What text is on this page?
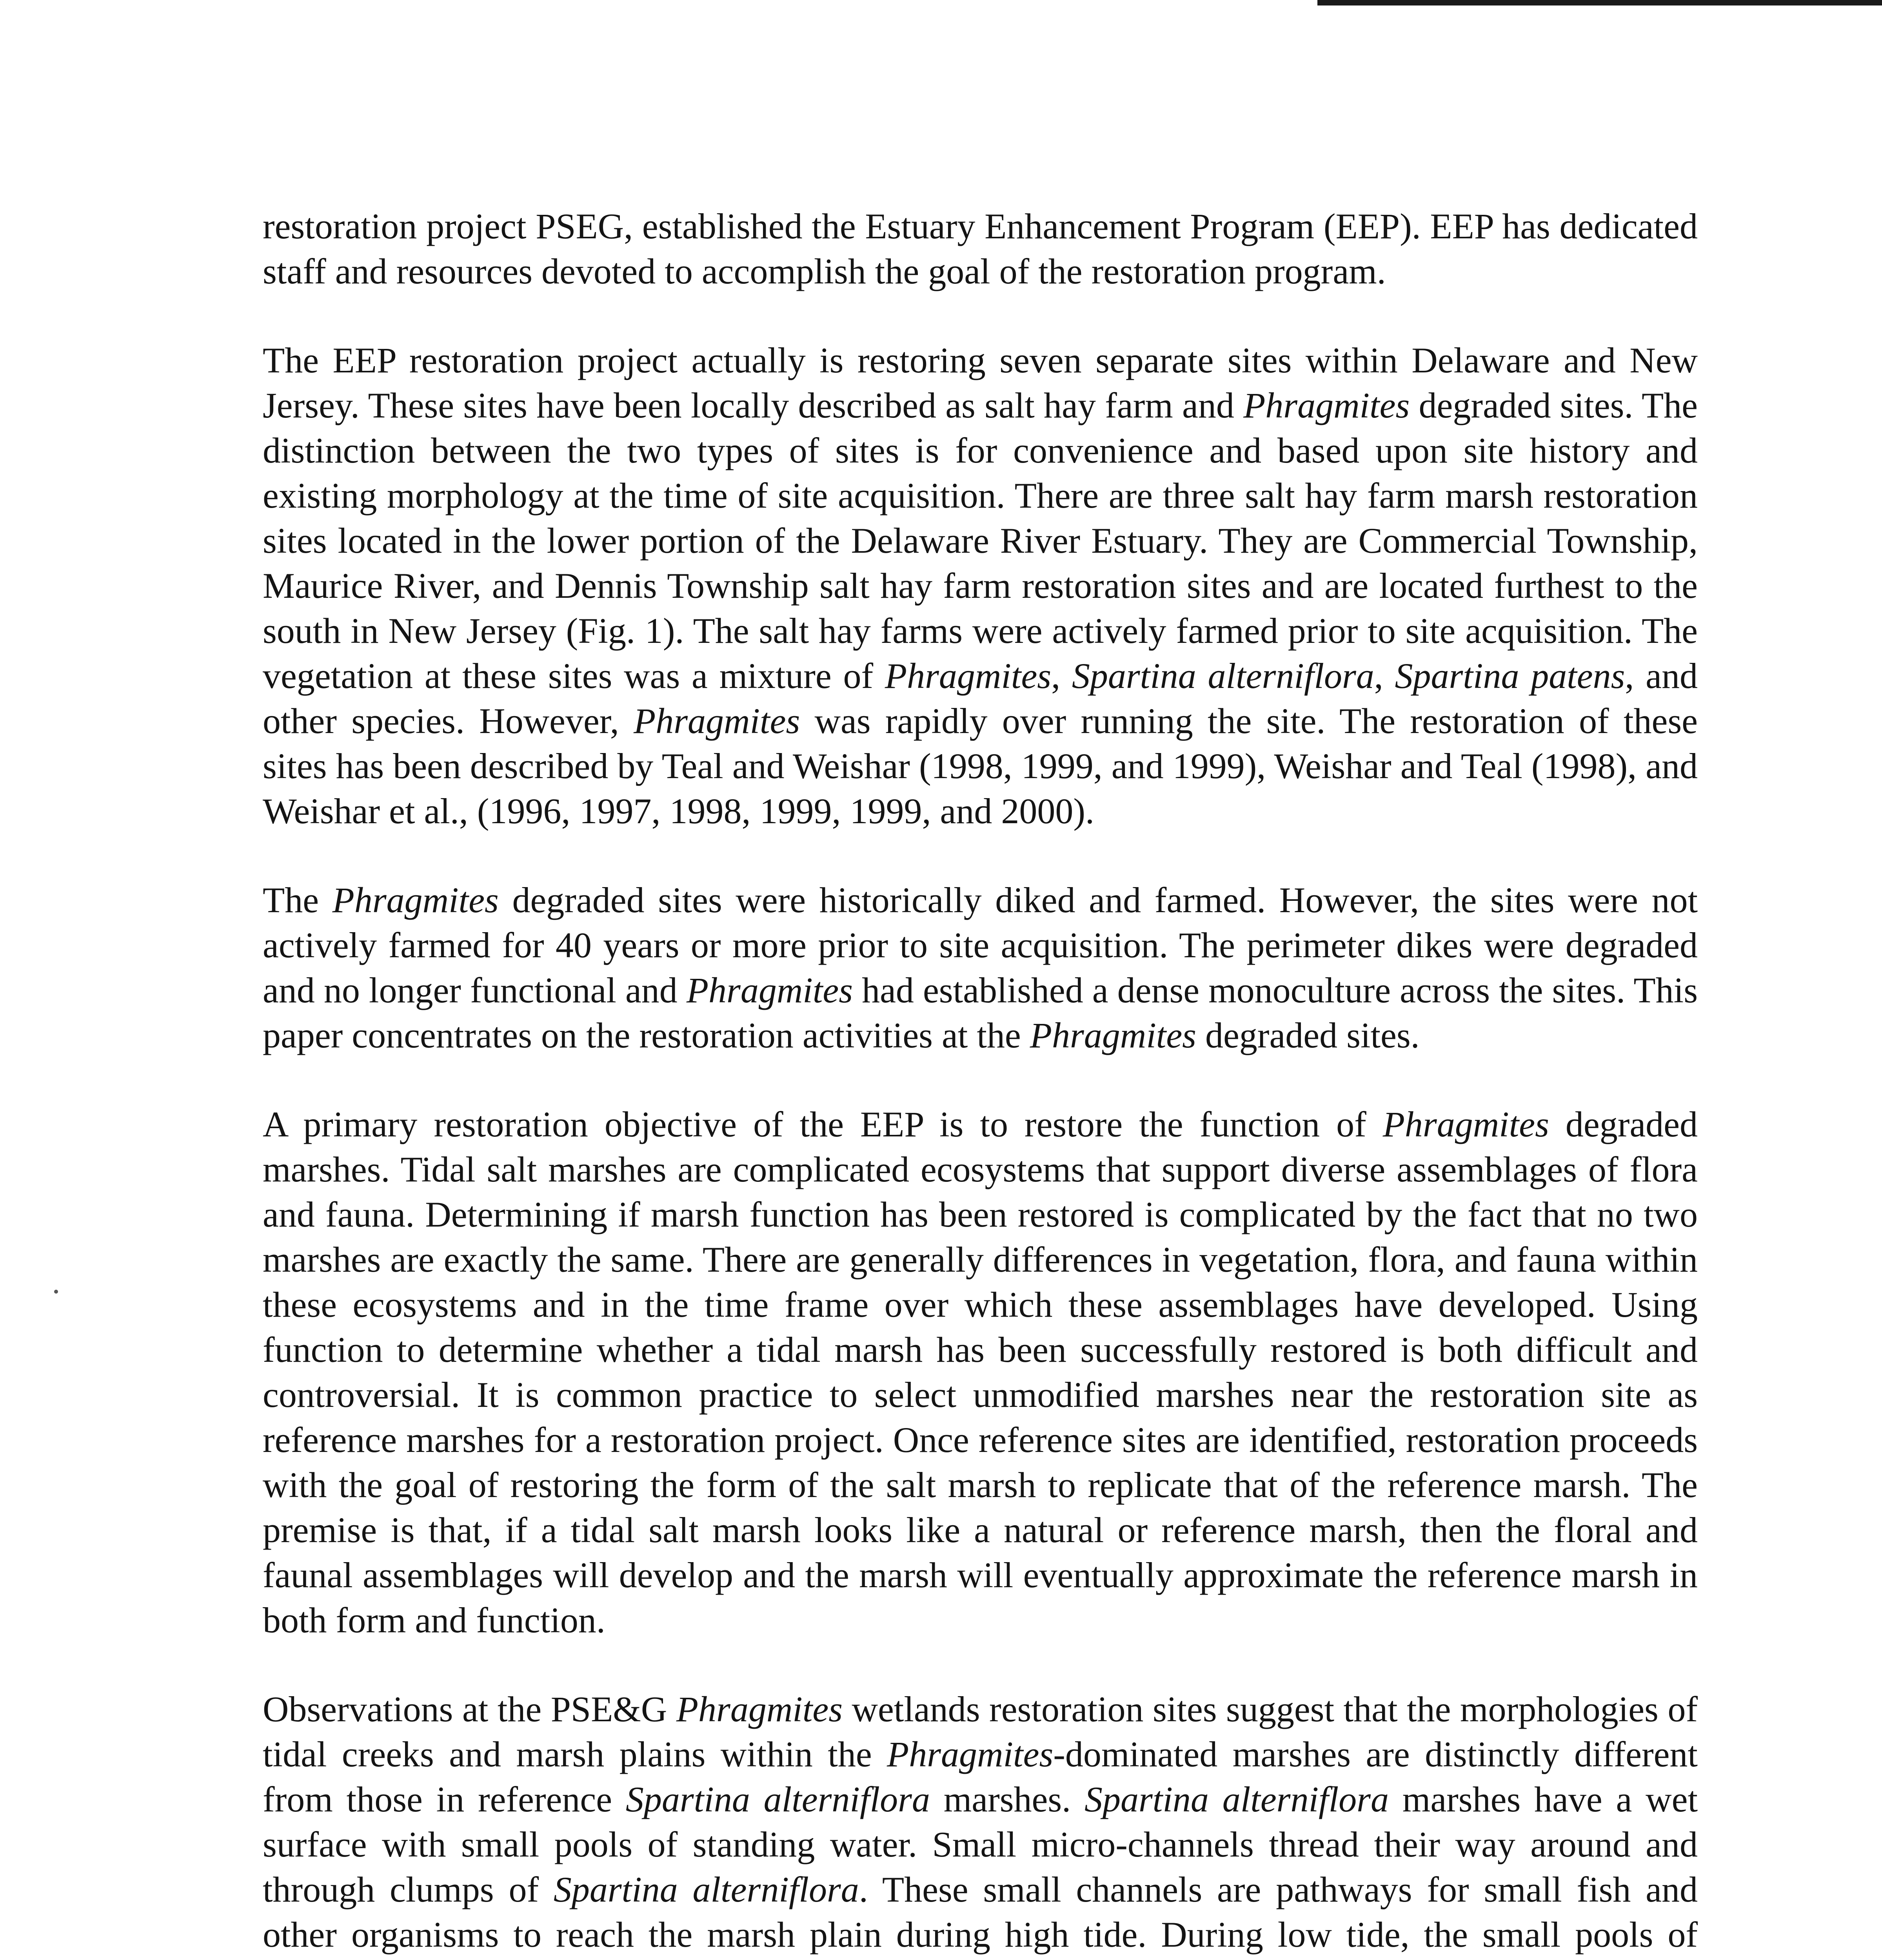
restoration project PSEG, established the Estuary Enhancement Program (EEP). EEP has dedicated staff and resources devoted to accomplish the goal of the restoration program.

The EEP restoration project actually is restoring seven separate sites within Delaware and New Jersey. These sites have been locally described as salt hay farm and Phragmites degraded sites. The distinction between the two types of sites is for convenience and based upon site history and existing morphology at the time of site acquisition. There are three salt hay farm marsh restoration sites located in the lower portion of the Delaware River Estuary. They are Commercial Township, Maurice River, and Dennis Township salt hay farm restoration sites and are located furthest to the south in New Jersey (Fig. 1). The salt hay farms were actively farmed prior to site acquisition. The vegetation at these sites was a mixture of Phragmites, Spartina alterniflora, Spartina patens, and other species. However, Phragmites was rapidly over running the site. The restoration of these sites has been described by Teal and Weishar (1998, 1999, and 1999), Weishar and Teal (1998), and Weishar et al., (1996, 1997, 1998, 1999, 1999, and 2000).

The Phragmites degraded sites were historically diked and farmed. However, the sites were not actively farmed for 40 years or more prior to site acquisition. The perimeter dikes were degraded and no longer functional and Phragmites had established a dense monoculture across the sites. This paper concentrates on the restoration activities at the Phragmites degraded sites.

A primary restoration objective of the EEP is to restore the function of Phragmites degraded marshes. Tidal salt marshes are complicated ecosystems that support diverse assemblages of flora and fauna. Determining if marsh function has been restored is complicated by the fact that no two marshes are exactly the same. There are generally differences in vegetation, flora, and fauna within these ecosystems and in the time frame over which these assemblages have developed. Using function to determine whether a tidal marsh has been successfully restored is both difficult and controversial. It is common practice to select unmodified marshes near the restoration site as reference marshes for a restoration project. Once reference sites are identified, restoration proceeds with the goal of restoring the form of the salt marsh to replicate that of the reference marsh. The premise is that, if a tidal salt marsh looks like a natural or reference marsh, then the floral and faunal assemblages will develop and the marsh will eventually approximate the reference marsh in both form and function.

Observations at the PSE&G Phragmites wetlands restoration sites suggest that the morphologies of tidal creeks and marsh plains within the Phragmites-dominated marshes are distinctly different from those in reference Spartina alterniflora marshes. Spartina alterniflora marshes have a wet surface with small pools of standing water. Small micro-channels thread their way around and through clumps of Spartina alterniflora. These small channels are pathways for small fish and other organisms to reach the marsh plain during high tide. During low tide, the small pools of
